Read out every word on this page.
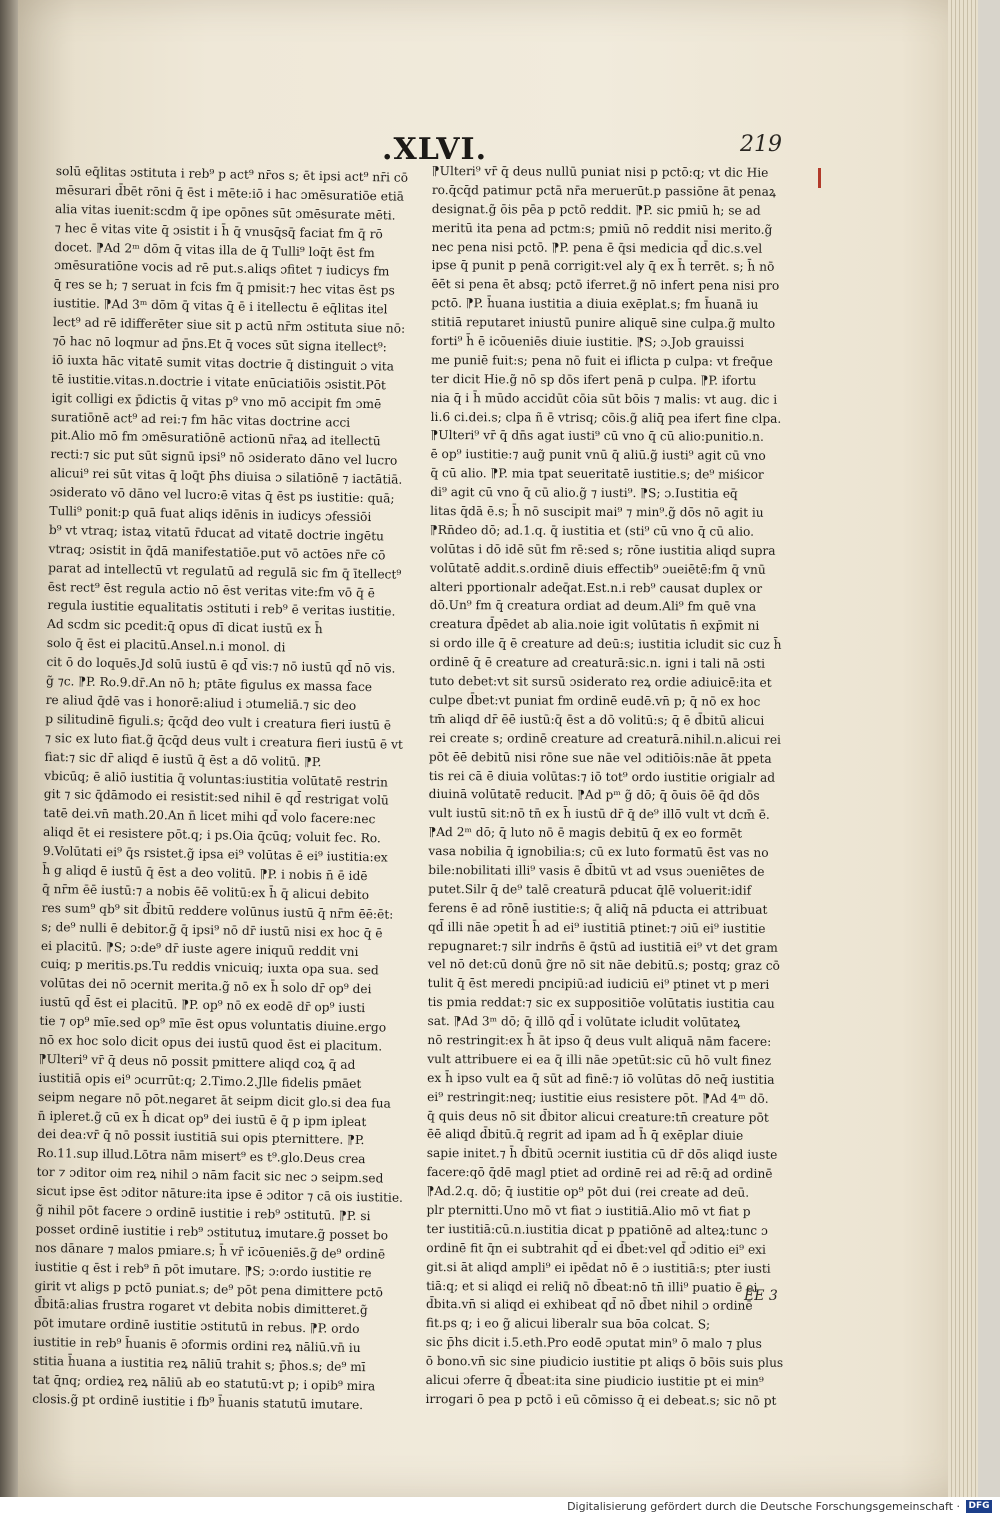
.XLVI.	219
solū eq̄litas ɔstituta i reb⁹ p act⁹ nr̄os s; ēt ipsi act⁹ nr̄i cō
mēsurari d̄bēt rōni q̄ ēst i mēte:iō i hac ɔmēsuratiōe etiā
alia vitas iuenit:scdm q̄ ipe opōnes sūt ɔmēsurate mēti.
⁊ hec ē vitas vite q̄ ɔsistit i h̄ q̄ vnusq̄sq̄ faciat fm q̄ rō
docet. ⁋Ad 2ᵐ dōm q̄ vitas illa de q̄ Tulli⁹ loq̄t ēst fm
ɔmēsuratiōne vocis ad rē put.s.aliqs ɔfitet ⁊ iudicys fm
q̄ res se h; ⁊ seruat in fcis fm q̄ pmisit:⁊ hec vitas ēst ps
iustitie. ⁋Ad 3ᵐ dōm q̄ vitas q̄ ē i itellectu ē eq̄litas itel
lect⁹ ad rē idifferēter siue sit p actū nr̄m ɔstituta siue nō:
⁊ō hac nō loqmur ad p̄ns.Et q̄ voces sūt signa itellect⁹:
iō iuxta hāc vitatē sumit vitas doctrie q̄ distinguit ɔ vita
tē iustitie.vitas.n.doctrie i vitate enūciatiōis ɔsistit.Pōt
igit colligi ex p̄dictis q̄ vitas p⁹ vno mō accipit fm ɔmē
suratiōnē act⁹ ad rei:⁊ fm hāc vitas doctrine acci
pit.Alio mō fm ɔmēsuratiōnē actionū nr̄aꝝ ad itellectū
recti:⁊ sic put sūt signū ipsi⁹ nō ɔsiderato dāno vel lucro
alicui⁹ rei sūt vitas q̄ loq̄t p̄hs diuisa ɔ silatiōnē ⁊ iactātiā.
ɔsiderato vō dāno vel lucro:ē vitas q̄ ēst ps iustitie: quā;
Tulli⁹ ponit:p quā fuat aliqs idēnis in iudicys ɔfessiōi
b⁹ vt vtraq; istaꝝ vitatū r̄ducat ad vitatē doctrie ingētu
vtraq; ɔsistit in q̄dā manifestatiōe.put vō actōes nr̄e cō
parat ad intellectū vt regulatū ad regulā sic fm q̄ ītellect⁹
ēst rect⁹ ēst regula actio nō ēst veritas vite:fm vō q̄ ē
regula iustitie equalitatis ɔstituti i reb⁹ ē veritas iustitie.
Ad scdm sic pcedit:q̄ opus dī dicat iustū ex h̄
solo q̄ ēst ei placitū.Ansel.n.i monol. di
cit ō do loquēs.Jd solū iustū ē qd̄ vis:⁊ nō iustū qd̄ nō vis.
g̃ ⁊c. ⁋P. Ro.9.dr̄.An nō h; ptāte figulus ex massa face
re aliud q̄dē vas i honorē:aliud i ɔtumeliā.⁊ sic deo
p silitudinē figuli.s; q̄cq̄d deo vult i creatura fieri iustū ē
⁊ sic ex luto fiat.g̃ q̄cq̄d deus vult i creatura fieri iustū ē vt
fiat:⁊ sic dr̄ aliqd ē iustū q̄ ēst a dō volitū. ⁋P.
vbicūq; ē aliō iustitia q̄ voluntas:iustitia volūtatē restrin
git ⁊ sic q̄dāmodo ei resistit:sed nihil ē qd̄ restrigat volū
tatē dei.vn̄ math.20.An n̄ licet mihi qd̄ volo facere:nec
aliqd ēt ei resistere pōt.q; i ps.Oia q̄cūq; voluit fec. Ro.
9.Volūtati ei⁹ q̄s rsistet.g̃ ipsa ei⁹ volūtas ē ei⁹ iustitia:ex
h̄ g aliqd ē iustū q̄ ēst a deo volitū. ⁋P. i nobis n̄ ē idē
q̄ nr̄m ēē iustū:⁊ a nobis ēē volitū:ex h̄ q̄ alicui debito
res sum⁹ qb⁹ sit d̄bitū reddere volūnus iustū q̄ nr̄m ēē:ēt:
s; de⁹ nulli ē debitor.g̃ q̄ ipsi⁹ nō dr̄ iustū nisi ex hoc q̄ ē
ei placitū. ⁋S; ɔ:de⁹ dr̄ iuste agere iniquū reddit vni
cuiq; p meritis.ps.Tu reddis vnicuiq; iuxta opa sua. sed
volūtas dei nō ɔcernit merita.g̃ nō ex h̄ solo dr̄ op⁹ dei
iustū qd̄ ēst ei placitū. ⁋P. op⁹ nō ex eodē dr̄ op⁹ iusti
tie ⁊ op⁹ mīe.sed op⁹ mīe ēst opus voluntatis diuine.ergo
nō ex hoc solo dicit opus dei iustū quod ēst ei placitum.
⁋Ulteri⁹ vr̄ q̄ deus nō possit pmittere aliqd coꝝ q̄ ad
iustitiā opis ei⁹ ɔcurrūt:q; 2.Timo.2.Jlle fidelis pmāet
seipm negare nō pōt.negaret āt seipm dicit glo.si dea fua
n̄ ipleret.g̃ cū ex h̄ dicat op⁹ dei iustū ē q̄ p ipm ipleat
dei dea:vr̄ q̄ nō possit iustitiā sui opis pternittere. ⁋P.
Ro.11.sup illud.Lōtra nām misert⁹ es t⁹.glo.Deus crea
tor ⁊ ɔditor oim reꝝ nihil ɔ nām facit sic nec ɔ seipm.sed
sicut ipse ēst ɔditor nāture:ita ipse ē ɔditor ⁊ cā ois iustitie.
g̃ nihil pōt facere ɔ ordinē iustitie i reb⁹ ɔstitutū. ⁋P. si
posset ordinē iustitie i reb⁹ ɔstitutuꝝ imutare.g̃ posset bo
nos dānare ⁊ malos pmiare.s; h̄ vr̄ icōueniēs.g̃ de⁹ ordinē
iustitie q ēst i reb⁹ n̄ pōt imutare. ⁋S; ɔ:ordo iustitie re
girit vt aligs p pctō puniat.s; de⁹ pōt pena dimittere pctō
d̄bitā:alias frustra rogaret vt debita nobis dimitteret.g̃
pōt imutare ordinē iustitie ɔstitutū in rebus. ⁋P. ordo
iustitie in reb⁹ h̄uanis ē ɔformis ordini reꝝ nāliū.vn̄ iu
stitia h̄uana a iustitia reꝝ nāliū trahit s; p̄hos.s; de⁹ mī
tat q̄nq; ordieꝝ reꝝ nāliū ab eo statutū:vt p; i opib⁹ mira
closis.g̃ pt ordinē iustitie i fb⁹ h̄uanis statutū imutare.
⁋Ulteri⁹ vr̄ q̄ deus nullū puniat nisi p pctō:q; vt dic Hie
ro.q̄cq̄d patimur pctā nr̄a meruerūt.p passiōne āt penaꝝ
designat.g̃ ōis pēa p pctō reddit. ⁋P. sic pmiū h; se ad
meritū ita pena ad pctm:s; pmiū nō reddit nisi merito.g̃
nec pena nisi pctō. ⁋P. pena ē q̄si medicia qd̄ dic.s.vel
ipse q̄ punit p penā corrigit:vel aly q̄ ex h̄ terrēt. s; h̄ nō
ēēt si pena ēt absq; pctō iferret.g̃ nō infert pena nisi pro
pctō. ⁋P. h̄uana iustitia a diuia exēplat.s; fm h̄uanā iu
stitiā reputaret iniustū punire aliquē sine culpa.g̃ multo
forti⁹ h̄ ē icōueniēs diuie iustitie. ⁋S; ɔ.Job grauissi
me puniē fuit:s; pena nō fuit ei iflicta p culpa: vt freq̄ue
ter dicit Hie.g̃ nō sp dōs ifert penā p culpa. ⁋P. ifortu
nia q̄ i h̄ mūdo accidūt cōia sūt bōis ⁊ malis: vt aug. dic i
li.6 ci.dei.s; clpa ñ ē vtrisq; cōis.g̃ aliq̄ pea ifert fine clpa.
⁋Ulteri⁹ vr̄ q̄ dn̄s agat iusti⁹ cū vno q̄ cū alio:punitio.n.
ē op⁹ iustitie:⁊ aug̃ punit vnū q̄ aliū.g̃ iusti⁹ agit cū vno
q̄ cū alio. ⁋P. mia tpat seueritatē iustitie.s; de⁹ miśicor
di⁹ agit cū vno q̄ cū alio.g̃ ⁊ iusti⁹. ⁋S; ɔ.Iustitia eq̄
litas q̄dā ē.s; h̄ nō suscipit mai⁹ ⁊ min⁹.g̃ dōs nō agit iu
⁋Rn̄deo dō; ad.1.q. q̄ iustitia et (sti⁹ cū vno q̄ cū alio.
volūtas i dō idē sūt fm rē:sed s; rōne iustitia aliqd supra
volūtatē addit.s.ordinē diuis effectib⁹ ɔueiētē:fm q̄ vnū
alteri pportionalr adeq̄at.Est.n.i reb⁹ causat duplex or
dō.Un⁹ fm q̄ creatura ordiat ad deum.Ali⁹ fm quē vna
creatura d̄pēdet ab alia.noie igit volūtatis n̄ exp̄mit ni
si ordo ille q̄ ē creature ad deū:s; iustitia icludit sic cuz h̄
ordinē q̄ ē creature ad creaturā:sic.n. igni i tali nā ɔsti
tuto debet:vt sit sursū ɔsiderato reꝝ ordie adiuicē:ita et
culpe d̄bet:vt puniat fm ordinē eudē.vn̄ p; q̄ nō ex hoc
tm̄ aliqd dr̄ ēē iustū:q̄ ēst a dō volitū:s; q̄ ē d̄bitū alicui
rei create s; ordinē creature ad creaturā.nihil.n.alicui rei
pōt ēē debitū nisi rōne sue nāe vel ɔditiōis:nāe āt ppeta
tis rei cā ē diuia volūtas:⁊ iō tot⁹ ordo iustitie origialr ad
diuinā volūtatē reducit. ⁋Ad pᵐ g̃ dō; q̄ ōuis ōē q̄d dōs
vult iustū sit:nō tn̄ ex h̄ iustū dr̄ q̄ de⁹ illō vult vt dcm̄ ē.
⁋Ad 2ᵐ dō; q̄ luto nō ē magis debitū q̄ ex eo formēt
vasa nobilia q̄ ignobilia:s; cū ex luto formatū ēst vas no
bile:nobilitati illi⁹ vasis ē d̄bitū vt ad vsus ɔueniētes de
putet.Silr q̄ de⁹ talē creaturā pducat q̄lē voluerit:idif
ferens ē ad rōnē iustitie:s; q̄ aliq̄ nā pducta ei attribuat
qd̄ illi nāe ɔpetit h̄ ad ei⁹ iustitiā ptinet:⁊ ɔiū ei⁹ iustitie
repugnaret:⁊ silr indrn̄s ē q̄stū ad iustitiā ei⁹ vt det gram
vel nō det:cū donū g̃re nō sit nāe debitū.s; postq; graz cō
tulit q̄ ēst meredi pncipiū:ad iudiciū ei⁹ ptinet vt p meri
tis pmia reddat:⁊ sic ex suppositiōe volūtatis iustitia cau
sat. ⁋Ad 3ᵐ dō; q̄ illō qd̄ i volūtate icludit volūtateꝝ
nō restringit:ex h̄ āt ipso q̄ deus vult aliquā nām facere:
vult attribuere ei ea q̄ illi nāe ɔpetūt:sic cū hō vult finez
ex h̄ ipso vult ea q̄ sūt ad finē:⁊ iō volūtas dō neq̄ iustitia
ei⁹ restringit:neq; iustitie eius resistere pōt. ⁋Ad 4ᵐ dō.
q̄ quis deus nō sit d̄bitor alicui creature:tn̄ creature pōt
ēē aliqd d̄bitū.q̄ regrit ad ipam ad h̄ q̄ exēplar diuie
sapie initet.⁊ h̄ d̄bitū ɔcernit iustitia cū dr̄ dōs aliqd iuste
facere:qō q̄dē magl ptiet ad ordinē rei ad rē:q̄ ad ordinē
⁋Ad.2.q. dō; q̄ iustitie op⁹ pōt dui (rei create ad deū.
plr pternitti.Uno mō vt fiat ɔ iustitiā.Alio mō vt fiat p
ter iustitiā:cū.n.iustitia dicat p ppatiōnē ad alteꝝ:tunc ɔ
ordinē fit q̄n ei subtrahit qd̄ ei d̄bet:vel qd̄ ɔditio ei⁹ exi
git.si āt aliqd ampli⁹ ei ipēdat nō ē ɔ iustitiā:s; pter iusti
tiā:q; et si aliqd ei reliq̄ nō d̄beat:nō tn̄ illi⁹ puatio ē ei
d̄bita.vn̄ si aliqd ei exhibeat qd̄ nō d̄bet nihil ɔ ordinē
fit.ps q; i eo g̃ alicui liberalr sua bōa colcat. S;
sic p̄hs dicit i.5.eth.Pro eodē ɔputat min⁹ ō malo ⁊ plus
ō bono.vn̄ sic sine piudicio iustitie pt aliqs ō bōis suis plus
alicui ɔferre q̄ d̄beat:ita sine piudicio iustitie pt ei min⁹
irrogari ō pea p pctō i eū cōmisso q̄ ei debeat.s; sic nō pt
EE 3
Digitalisierung gefördert durch die Deutsche Forschungsgemeinschaft · DFG
